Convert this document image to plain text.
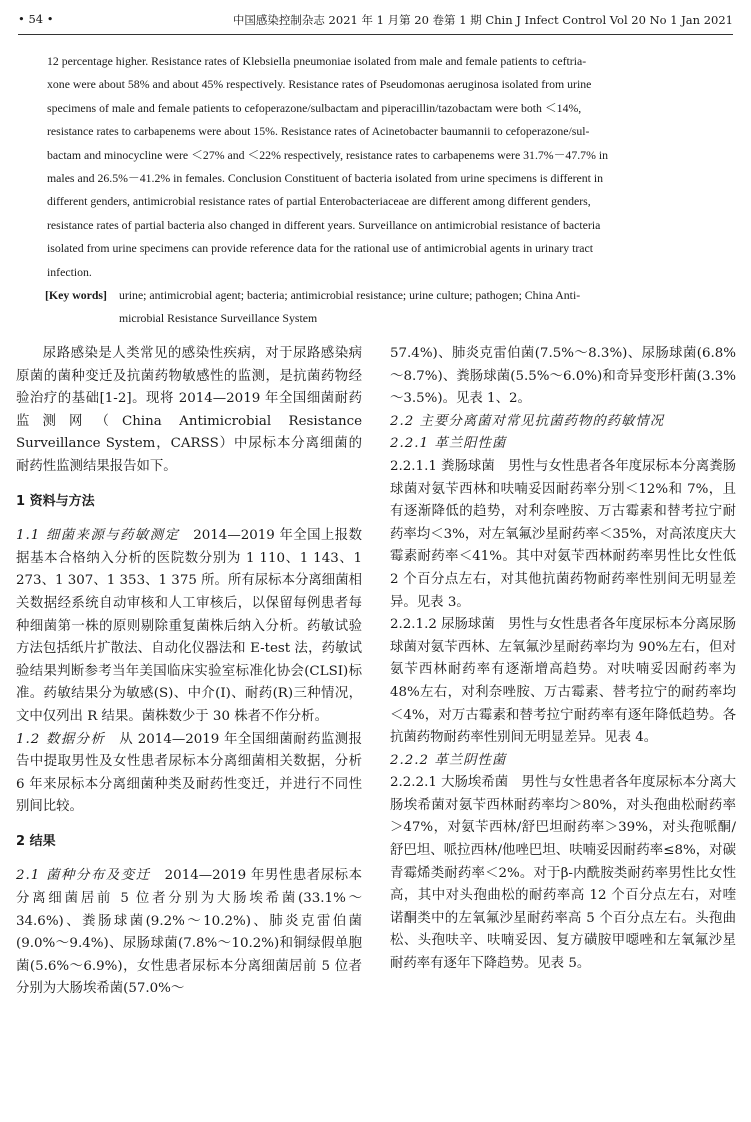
• 54 •	中国感染控制杂志 2021 年 1 月第 20 卷第 1 期 Chin J Infect Control Vol 20 No 1 Jan 2021

12 percentage higher. Resistance rates of Klebsiella pneumoniae isolated from male and female patients to ceftria-

xone were about 58% and about 45% respectively. Resistance rates of Pseudomonas aeruginosa isolated from urine

specimens of male and female patients to cefoperazone/sulbactam and piperacillin/tazobactam were both ＜14%,

resistance rates to carbapenems were about 15%. Resistance rates of Acinetobacter baumannii to cefoperazone/sul-

bactam and minocycline were ＜27% and ＜22% respectively, resistance rates to carbapenems were 31.7%－47.7% in

males and 26.5%－41.2% in females. Conclusion Constituent of bacteria isolated from urine specimens is different in

different genders, antimicrobial resistance rates of partial Enterobacteriaceae are different among different genders,

resistance rates of partial bacteria also changed in different years. Surveillance on antimicrobial resistance of bacteria

isolated from urine specimens can provide reference data for the rational use of antimicrobial agents in urinary tract

infection.

[Key words] urine; antimicrobial agent; bacteria; antimicrobial resistance; urine culture; pathogen; China Anti-
microbial Resistance Surveillance System

尿路感染是人类常见的感染性疾病，对于尿路感染病原菌的菌种变迁及抗菌药物敏感性的监测，是抗菌药物经验治疗的基础[1-2]。现将 2014—2019 年全国细菌耐药监测网（China Antimicrobial Resistance Surveillance System，CARSS）中尿标本分离细菌的耐药性监测结果报告如下。

1 资料与方法

1.1 细菌来源与药敏测定　 2014—2019 年全国上报数据基本合格纳入分析的医院数分别为 1 110、1 143、1 273、1 307、1 353、1 375 所。所有尿标本分离细菌相关数据经系统自动审核和人工审核后，以保留每例患者每种细菌第一株的原则剔除重复菌株后纳入分析。药敏试验方法包括纸片扩散法、自动化仪器法和 E-test 法，药敏试验结果判断参考当年美国临床实验室标准化协会(CLSI)标准。药敏结果分为敏感(S)、中介(I)、耐药(R)三种情况，文中仅列出 R 结果。菌株数少于 30 株者不作分析。

1.2 数据分析　 从 2014—2019 年全国细菌耐药监测报告中提取男性及女性患者尿标本分离细菌相关数据，分析 6 年来尿标本分离细菌种类及耐药性变迁，并进行不同性别间比较。

2 结果

2.1 菌种分布及变迁　 2014—2019 年男性患者尿标本分离细菌居前 5 位者分别为大肠埃希菌(33.1%～34.6%)、粪肠球菌(9.2%～10.2%)、肺炎克雷伯菌(9.0%～9.4%)、尿肠球菌(7.8%～10.2%)和铜绿假单胞菌(5.6%～6.9%)，女性患者尿标本分离细菌居前 5 位者分别为大肠埃希菌(57.0%～

57.4%)、肺炎克雷伯菌(7.5%～8.3%)、尿肠球菌(6.8%～8.7%)、粪肠球菌(5.5%～6.0%)和奇异变形杆菌(3.3%～3.5%)。见表 1、2。

2.2 主要分离菌对常见抗菌药物的药敏情况

2.2.1 革兰阳性菌

2.2.1.1 粪肠球菌　 男性与女性患者各年度尿标本分离粪肠球菌对氨苄西林和呋喃妥因耐药率分别＜12%和 7%，且有逐渐降低的趋势，对利奈唑胺、万古霉素和替考拉宁耐药率均＜3%，对左氧氟沙星耐药率＜35%，对高浓度庆大霉素耐药率＜41%。其中对氨苄西林耐药率男性比女性低 2 个百分点左右，对其他抗菌药物耐药率性别间无明显差异。见表 3。

2.2.1.2 尿肠球菌　 男性与女性患者各年度尿标本分离尿肠球菌对氨苄西林、左氧氟沙星耐药率均为 90%左右，但对氨苄西林耐药率有逐渐增高趋势。对呋喃妥因耐药率为 48%左右，对利奈唑胺、万古霉素、替考拉宁的耐药率均＜4%，对万古霉素和替考拉宁耐药率有逐年降低趋势。各抗菌药物耐药率性别间无明显差异。见表 4。

2.2.2 革兰阴性菌

2.2.2.1 大肠埃希菌　 男性与女性患者各年度尿标本分离大肠埃希菌对氨苄西林耐药率均＞80%，对头孢曲松耐药率＞47%，对氨苄西林/舒巴坦耐药率＞39%，对头孢哌酮/舒巴坦、哌拉西林/他唑巴坦、呋喃妥因耐药率≤8%，对碳青霉烯类耐药率＜2%。对于β-内酰胺类耐药率男性比女性高，其中对头孢曲松的耐药率高 12 个百分点左右，对喹诺酮类中的左氧氟沙星耐药率高 5 个百分点左右。头孢曲松、头孢呋辛、呋喃妥因、复方磺胺甲噁唑和左氧氟沙星耐药率有逐年下降趋势。见表 5。
